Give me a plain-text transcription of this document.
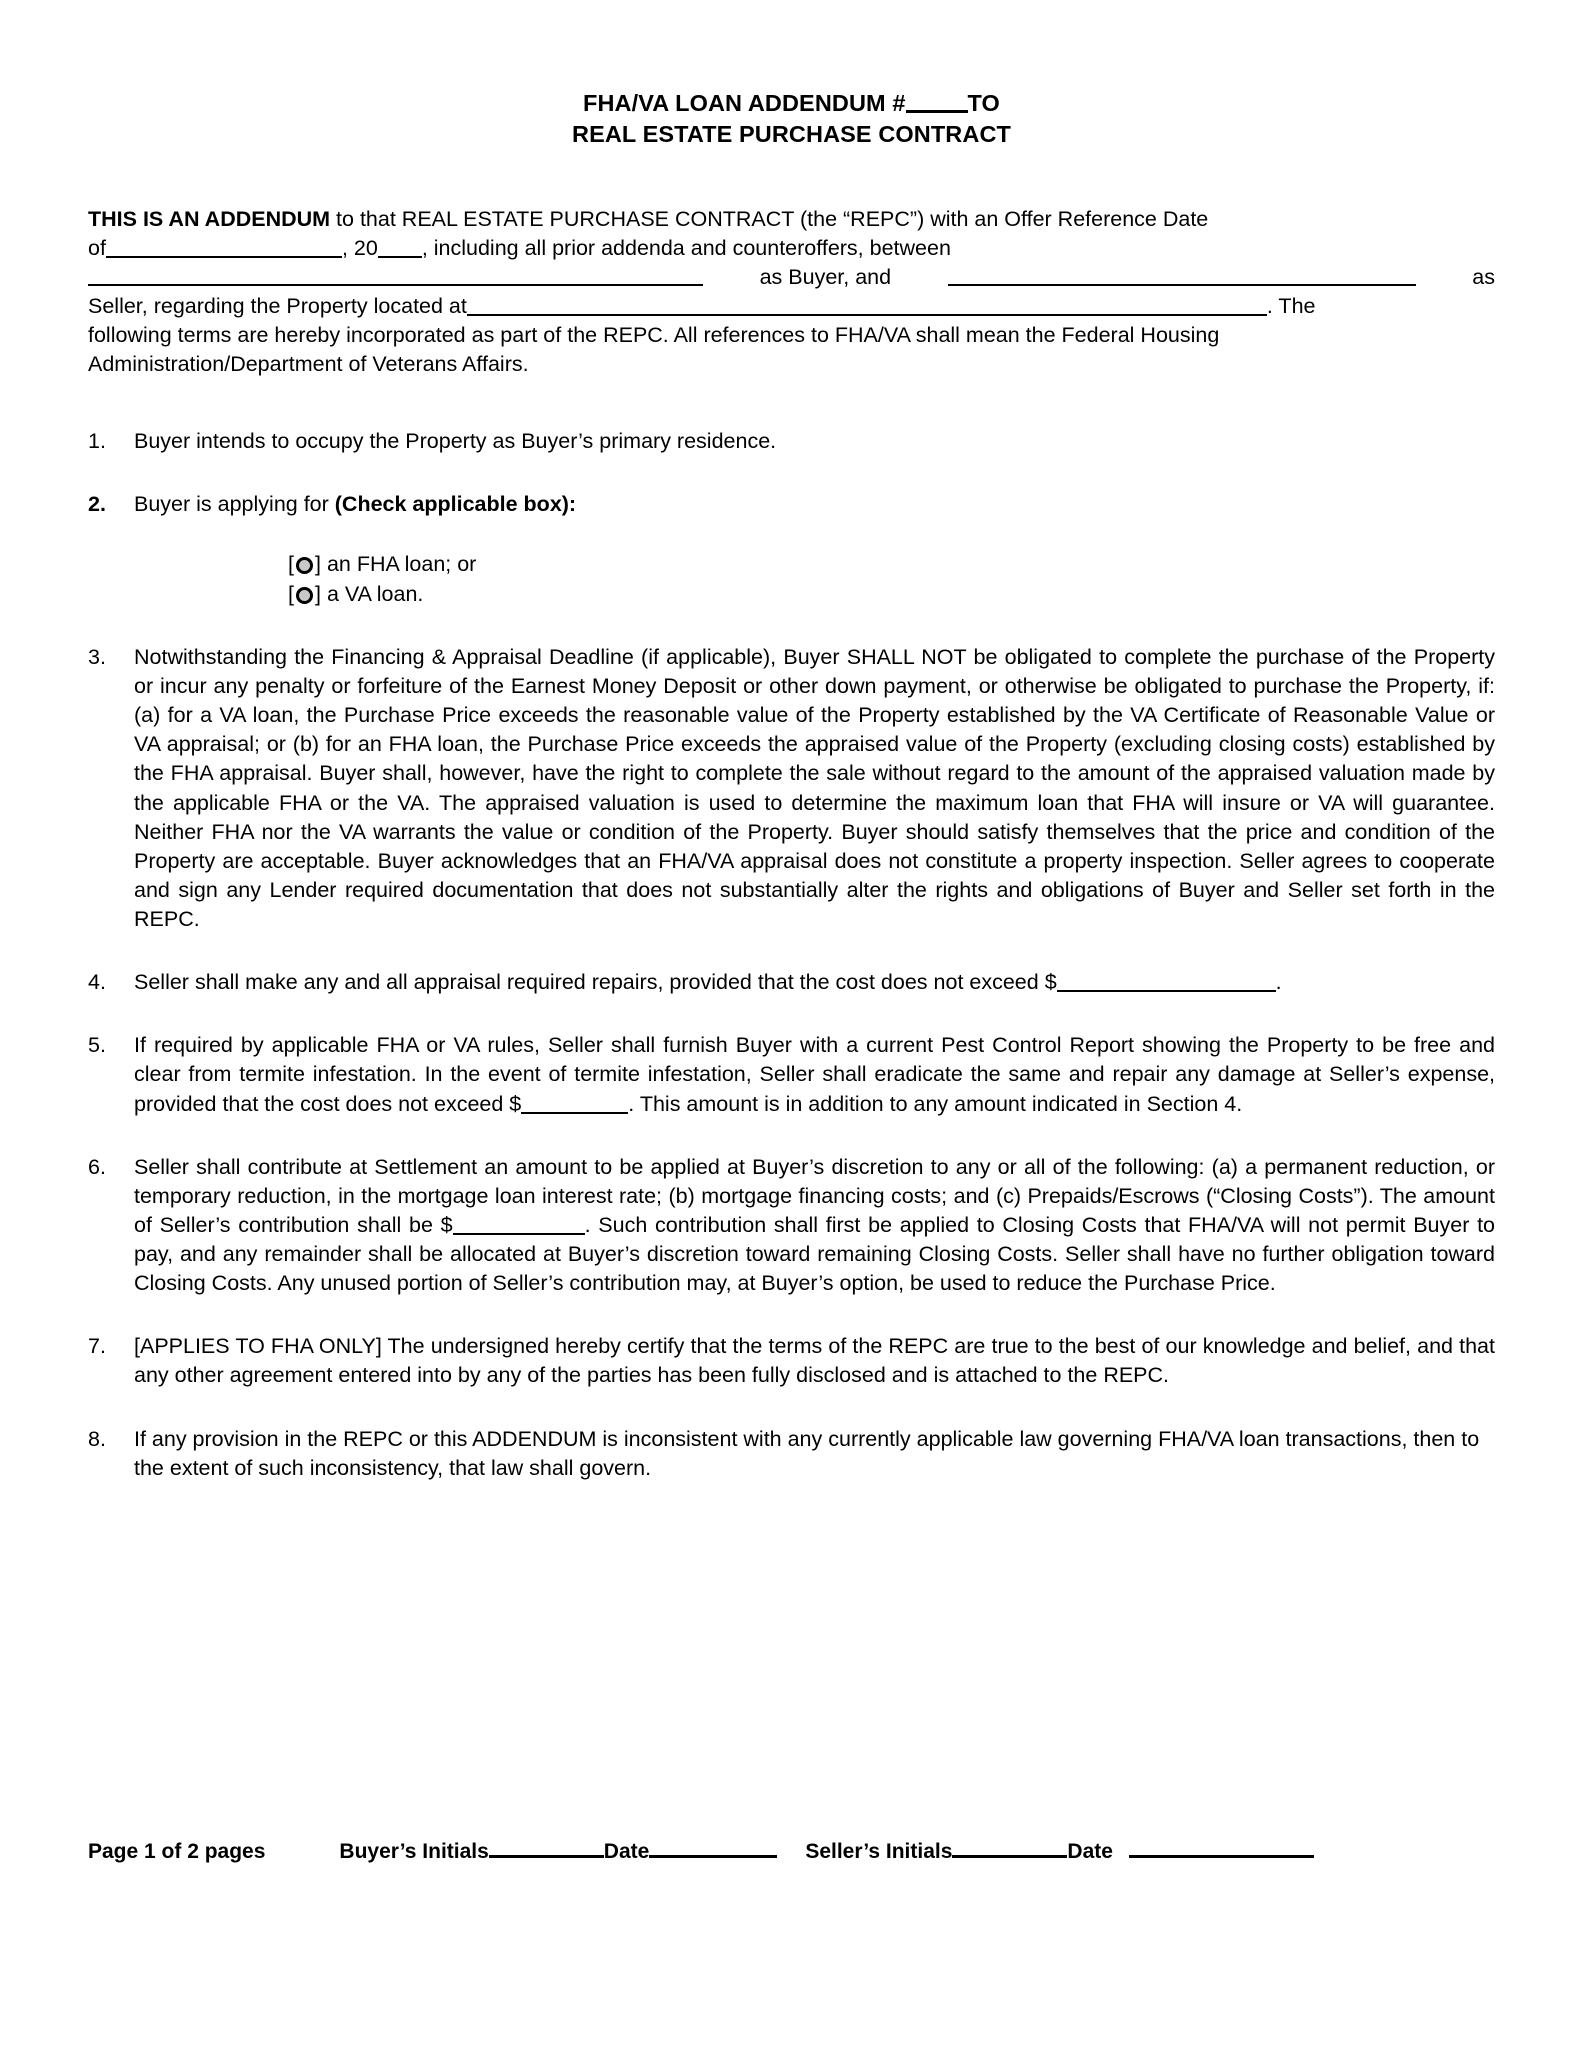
FHA/VA LOAN ADDENDUM #	TO
REAL ESTATE PURCHASE CONTRACT
THIS IS AN ADDENDUM to that REAL ESTATE PURCHASE CONTRACT (the “REPC”) with an Offer Reference Date
of	, 20 , including all prior addenda and counteroffers, between
as Buyer, and	as
Seller, regarding the Property located at	. The
following terms are hereby incorporated as part of the REPC. All references to FHA/VA shall mean the Federal Housing
Administration/Department of Veterans Affairs.
1.	Buyer intends to occupy the Property as Buyer’s primary residence.
2.	Buyer is applying for (Check applicable box):
[ ] an FHA loan; or
[ ] a VA loan.
3.	Notwithstanding the Financing & Appraisal Deadline (if applicable), Buyer SHALL NOT be obligated to complete the purchase of the Property or incur any penalty or forfeiture of the Earnest Money Deposit or other down payment, or otherwise be obligated to purchase the Property, if: (a) for a VA loan, the Purchase Price exceeds the reasonable value of the Property established by the VA Certificate of Reasonable Value or VA appraisal; or (b) for an FHA loan, the Purchase Price exceeds the appraised value of the Property (excluding closing costs) established by the FHA appraisal. Buyer shall, however, have the right to complete the sale without regard to the amount of the appraised valuation made by the applicable FHA or the VA. The appraised valuation is used to determine the maximum loan that FHA will insure or VA will guarantee. Neither FHA nor the VA warrants the value or condition of the Property. Buyer should satisfy themselves that the price and condition of the Property are acceptable. Buyer acknowledges that an FHA/VA appraisal does not constitute a property inspection. Seller agrees to cooperate and sign any Lender required documentation that does not substantially alter the rights and obligations of Buyer and Seller set forth in the REPC.
4.	Seller shall make any and all appraisal required repairs, provided that the cost does not exceed $	.
5.	If required by applicable FHA or VA rules, Seller shall furnish Buyer with a current Pest Control Report showing the Property to be free and clear from termite infestation. In the event of termite infestation, Seller shall eradicate the same and repair any damage at Seller’s expense, provided that the cost does not exceed $	. This amount is in addition to any amount indicated in Section 4.
6.	Seller shall contribute at Settlement an amount to be applied at Buyer’s discretion to any or all of the following: (a) a permanent reduction, or temporary reduction, in the mortgage loan interest rate; (b) mortgage financing costs; and (c) Prepaids/Escrows (“Closing Costs”). The amount of Seller’s contribution shall be $	. Such contribution shall first be applied to Closing Costs that FHA/VA will not permit Buyer to pay, and any remainder shall be allocated at Buyer’s discretion toward remaining Closing Costs. Seller shall have no further obligation toward Closing Costs. Any unused portion of Seller’s contribution may, at Buyer’s option, be used to reduce the Purchase Price.
7.	[APPLIES TO FHA ONLY] The undersigned hereby certify that the terms of the REPC are true to the best of our knowledge and belief, and that any other agreement entered into by any of the parties has been fully disclosed and is attached to the REPC.
8.	If any provision in the REPC or this ADDENDUM is inconsistent with any currently applicable law governing FHA/VA loan transactions, then to the extent of such inconsistency, that law shall govern.
Page 1 of 2 pages	Buyer’s Initials	Date	Seller’s Initials	Date
